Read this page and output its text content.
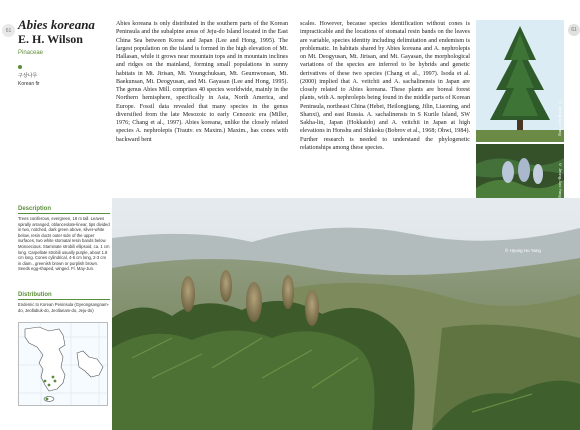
61 Abies koreana
E. H. Wilson
Pinaceae
구상나무
Korean fir
Description
Trees coniferous, evergreen, 18 m tall. Leaves spirally arranged, oblanceolate-linear, tips divided in two, notched, dark green above, silver-white below, resin ducts outer side of the upper surfaces, two white stomatal resin bands below. Monoecious. Staminate strobili ellipsoid, ca. 1 cm long. Carpellate strobili usually purple, about 1.8 cm long. Cones cylindrical, 4-6 cm long, 2-3 cm in diam., greenish brown or purplish brown. Seeds egg-shaped, winged. Fl. May-Jun.
Distribution
Endemic to Korean Peninsula (Gyeongsangnam-do, Jeollabuk-do, Jeollanam-do, Jeju-do)
Abies koreana is only distributed in the southern parts of the Korean Peninsula and the subalpine areas of Jeju-do Island located in the East China Sea between Korea and Japan (Lee and Hong, 1995). The largest population on the island is formed in the high elevation of Mt. Hallasan, while it grows near mountain tops and in mountain inclines and ridges on the mainland, forming small populations in sunny habitats in Mt. Jirisan, Mt. Youngchuksan, Mt. Geumwonsan, Mt. Baekunsan, Mt. Deogyusan, and Mt. Gayasan (Lee and Hong, 1995). The genus Abies Mill. comprises 40 species worldwide, mainly in the Northern hemisphere, specifically in Asia, North America, and Europe. Fossil data revealed that many species in the genus diversified from the late Mesozoic to early Cenozoic era (Miller, 1976; Chang et al., 1997). Abies koreana, unlike the closely related species A. nephrolepis (Trautv. ex Maxim.) Maxim., has cones with backward bent
scales. However, because species identification without cones is impracticable and the locations of stomatal resin bands on the leaves are variable, species identity including delimitation and endemism is problematic. In habitats shared by Abies koreana and A. nephrolepis on Mt. Deogyusan, Mt. Jirisan, and Mt. Gayasan, the morphological variations of the species are inferred to be hybrids and genetic derivatives of these two species (Chang et al., 1997). Isoda et al. (2000) implied that A. veitchii and A. sachalinensis in Japan are closely related to Abies koreana. These plants are boreal forest plants, with A. nephrolepis being found in the middle parts of Korean Peninsula, northeast China (Hebei, Heilongjiang, Jilin, Liaoning, and Shanxi), and east Russia. A. sachalinensis in S Kurile Island, SW Sakha-lin, Japan (Hokkaido) and A. veitchii in Japan at high elevations in Honshu and Shikoku (Bobrov et al., 1968; Ohwi, 1984). Further research is needed to understand the phylogenetic relationships among these species.
© Jeong-Soo Yang
© Jeong-Soo Yang
© Hyung Ho Yang
61
